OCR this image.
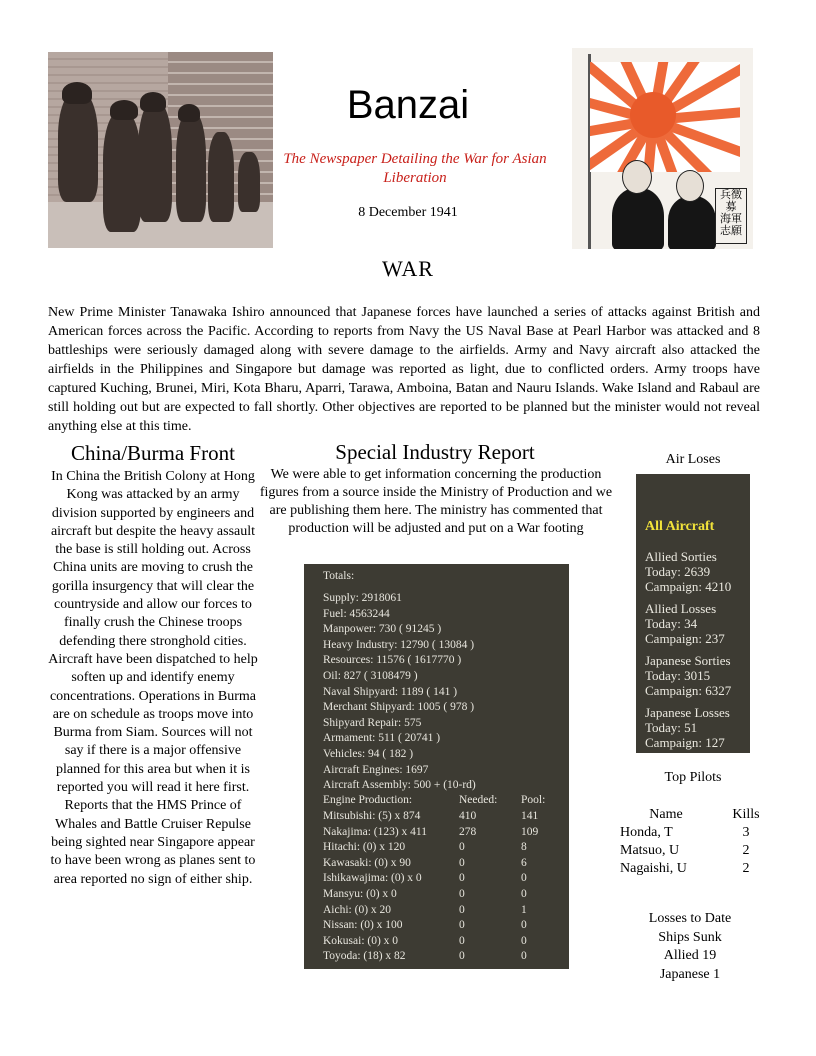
兵徴募
海軍志願
Banzai
The Newspaper Detailing the War for Asian Liberation
8 December 1941
WAR
New Prime Minister Tanawaka Ishiro announced that Japanese forces have launched a series of attacks against British and American forces across the Pacific. According to reports from Navy the US Naval Base at Pearl Harbor was attacked and 8 battleships were seriously damaged along with severe damage to the airfields. Army and Navy aircraft also attacked the airfields in the Philippines and Singapore but damage was reported as light, due to conflicted orders. Army troops have captured Kuching, Brunei, Miri, Kota Bharu, Aparri, Tarawa, Amboina, Batan and Nauru Islands. Wake Island and Rabaul are still holding out but are expected to fall shortly. Other objectives are reported to be planned but the minister would not reveal anything else at this time.
China/Burma Front
In China the British Colony at Hong Kong was attacked by an army division supported by engineers and aircraft but despite the heavy assault the base is still holding out. Across China units are moving to crush the gorilla insurgency that will clear the countryside and allow our forces to finally crush the Chinese troops defending there stronghold cities. Aircraft have been dispatched to help soften up and identify enemy concentrations. Operations in Burma are on schedule as troops move into Burma from Siam. Sources will not say if there is a major offensive planned for this area but when it is reported you will read it here first.
Reports that the HMS Prince of Whales and Battle Cruiser Repulse being sighted near Singapore appear to have been wrong as planes sent to area reported no sign of either ship.
Special Industry Report
We were able to get information concerning the production figures from a source inside the Ministry of Production and we are publishing them here. The ministry has commented that production will be adjusted and put on a War footing
Totals:
Engine Production:	Needed: Pool:
Supply: 2918061
Fuel: 4563244
Manpower: 730 ( 91245 )
Heavy Industry: 12790 ( 13084 )
Resources: 11576 ( 1617770 )
Oil: 827 ( 3108479 )
Naval Shipyard: 1189 ( 141 )
Merchant Shipyard: 1005 ( 978 )
Shipyard Repair: 575
Armament: 511 ( 20741 )
Vehicles: 94 ( 182 )
Aircraft Engines: 1697
Aircraft Assembly: 500 + (10-rd)
Mitsubishi: (5) x 874	410	141
Nakajima: (123) x 411	278	109
Hitachi: (0) x 120	0	8
Kawasaki: (0) x 90	0	6
Ishikawajima: (0) x 0	0	0
Mansyu: (0) x 0	0	0
Aichi: (0) x 20	0	1
Nissan: (0) x 100	0	0
Kokusai: (0) x 0	0	0
Toyoda: (18) x 82	0	0
Air Loses
All Aircraft
Allied Sorties
Today: 2639
Campaign: 4210
Allied Losses
Today: 34
Campaign: 237
Japanese Sorties
Today: 3015
Campaign: 6327
Japanese Losses
Today: 51
Campaign: 127
Top Pilots
Name	Kills
Honda, T	3
Matsuo, U	2
Nagaishi, U	2
Losses to Date
Ships Sunk
Allied 19
Japanese 1
